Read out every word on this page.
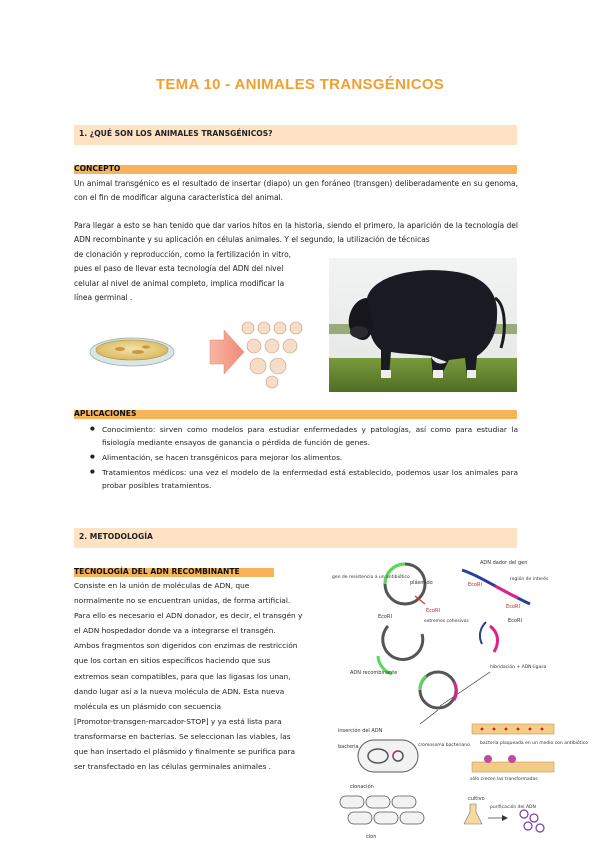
TEMA 10 - ANIMALES TRANSGÉNICOS
1. ¿QUÉ SON LOS ANIMALES TRANSGÉNICOS?
CONCEPTO
Un animal transgénico es el resultado de insertar (diapo) un gen foráneo (transgen) deliberadamente en su genoma, con el fin de modificar alguna característica del animal.
Para llegar a esto se han tenido que dar varios hitos en la historia, siendo el primero, la aparición de la tecnología del ADN recombinante y su aplicación en células animales. Y el segundo, la utilización de técnicas
de clonación y reproducción, como la fertilización in vitro,
pues el paso de llevar esta tecnología del ADN del nivel
celular al nivel de animal completo, implica modificar la
línea germinal .
APLICACIONES
● Conocimiento: sirven como modelos para estudiar enfermedades y patologías, así como para estudiar la fisiología mediante ensayos de ganancia o pérdida de función de genes.
● Alimentación, se hacen transgénicos para mejorar los alimentos.
● Tratamientos médicos: una vez el modelo de la enfermedad está establecido, podemos usar los animales para probar posibles tratamientos.
2. METODOLOGÍA
TECNOLOGÍA DEL ADN RECOMBINANTE
Consiste en la unión de moléculas de ADN, que
normalmente no se encuentran unidas, de forma artificial.
Para ello es necesario el ADN donador, es decir, el transgén y
el ADN hospedador donde va a integrarse el transgén.
Ambos fragmentos son digeridos con enzimas de restricción
que los cortan en sitios específicos haciendo que sus
extremos sean compatibles, para que las ligasas los unan,
dando lugar así a la nueva molécula de ADN. Esta nueva
molécula es un plásmido con secuencia
[Promotor-transgen-marcador-STOP] y ya está lista para
transformarse en bacterias. Se seleccionan las viables, las
que han insertado el plásmido y finalmente se purifica para
ser transfectado en las células germinales animales .
gen de resistencia a un antibiótico
plásmido
EcoRI
ADN dador del gen
región de interés
EcoRI
EcoRI
EcoRI
extremos cohesivos	EcoRI
hibridación + ADN-ligasa
ADN recombinante
inserción del ADN
bacteria	cromosoma bacteriano
clonación
clon
bacteria plaqueada en un medio con antibiótico
sólo crecen las transformadas
cultivo
purificación del ADN
